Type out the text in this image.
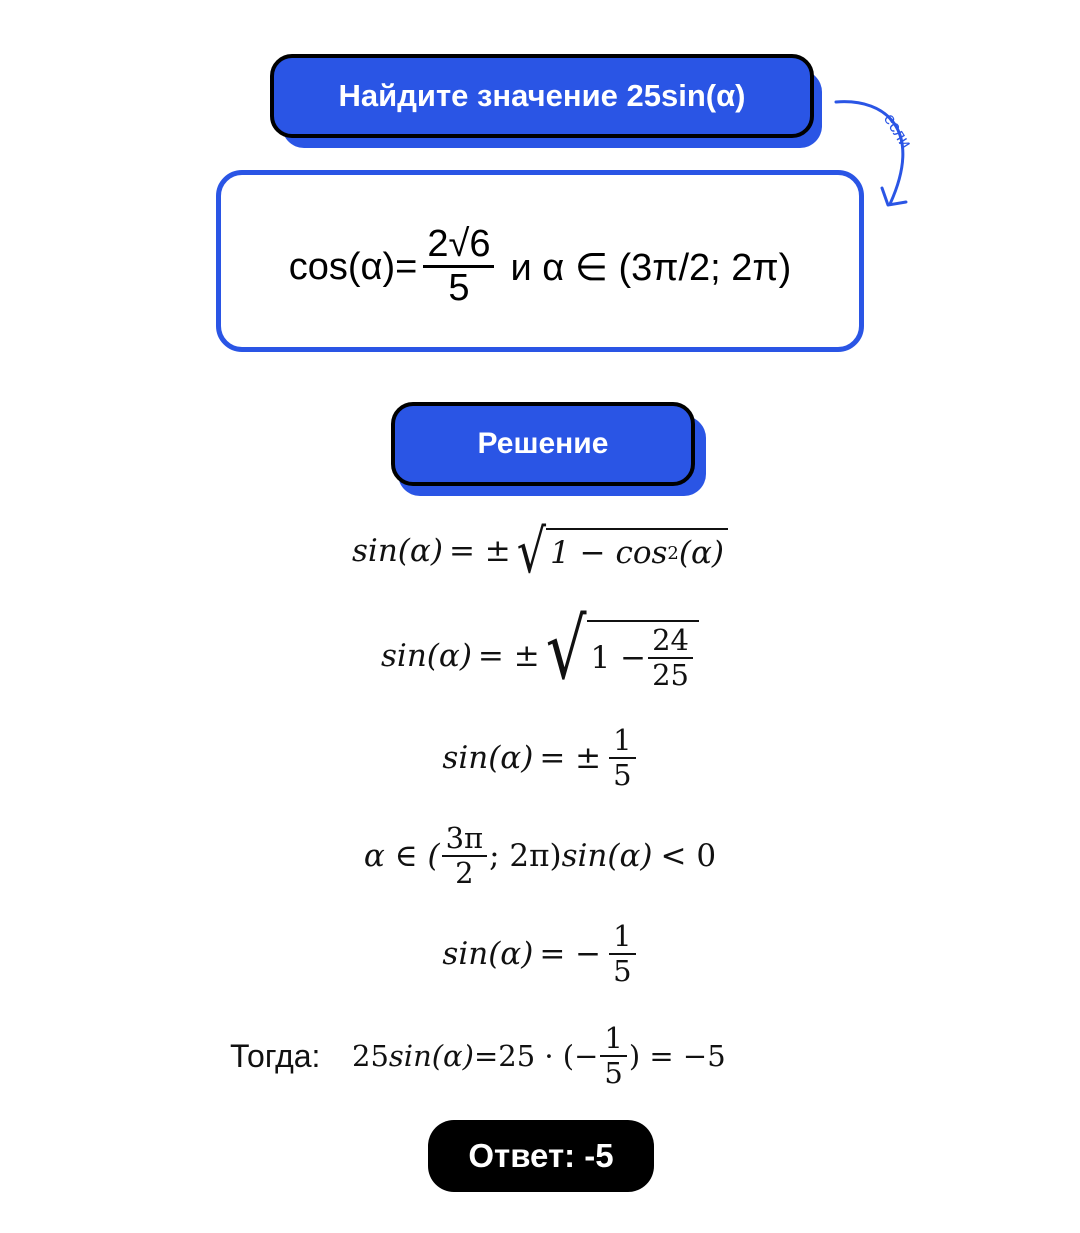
Найдите значение 25sin(α)
если
$\cos(\alpha)= \frac{2√6}{5}$ и α ∈ (3π/2; 2π)
Решение
sin(α) = ± √ 1 − cos 2 (α)
sin(α) = ± √ 1 −
24
25
sin(α) = ±
1
5
α ∈ (
3π
2 ; 2π) sin(α) < 0
sin(α) = −
1
5
Тогда: 25 sin(α) =25 · (−
1
5 ) = −5
Ответ: -5
